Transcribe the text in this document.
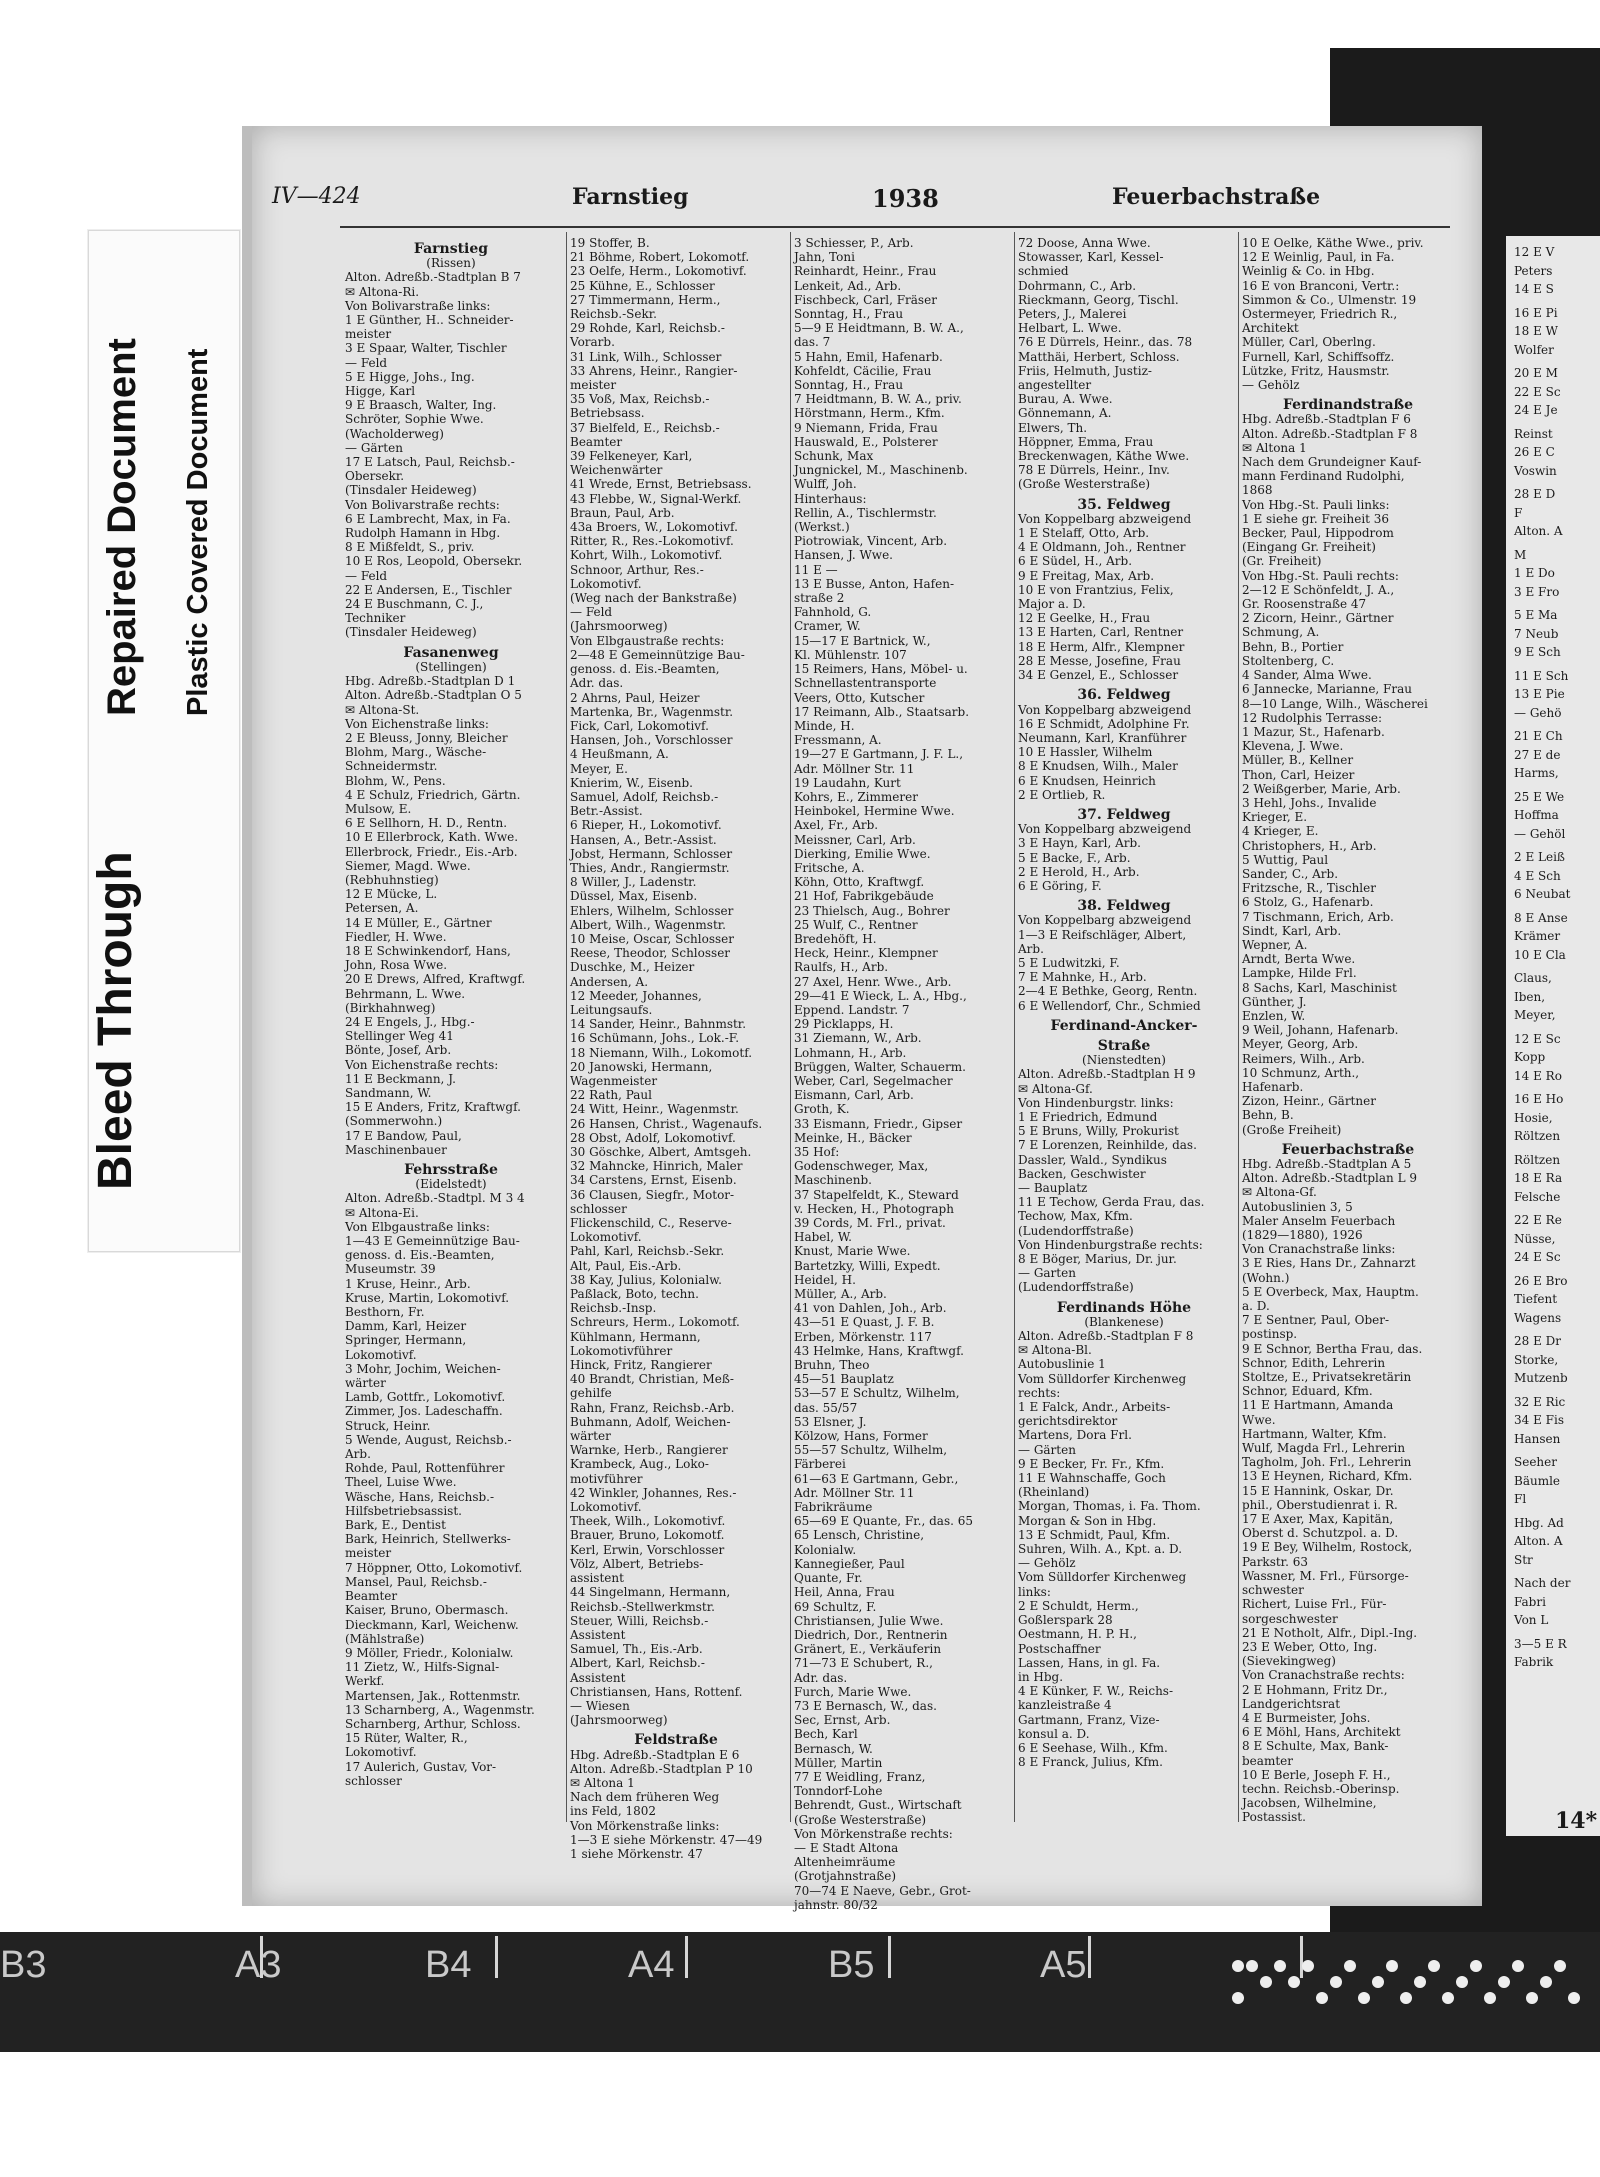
Bleed Through
Repaired Document Plastic Covered Document
IV—424	Farnstieg	1938	Feuerbachstraße
Farnstieg
(Rissen)
Alton. Adreßb.-Stadtplan B 7
✉ Altona-Ri.
Von Bolivarstraße links:
1 E Günther, H.. Schneider-
meister
3 E Spaar, Walter, Tischler
— Feld
5 E Higge, Johs., Ing.
Higge, Karl
9 E Braasch, Walter, Ing.
Schröter, Sophie Wwe.
(Wacholderweg)
— Gärten
17 E Latsch, Paul, Reichsb.-
Obersekr.
(Tinsdaler Heideweg)
Von Bolivarstraße rechts:
6 E Lambrecht, Max, in Fa.
Rudolph Hamann in Hbg.
8 E Mißfeldt, S., priv.
10 E Ros, Leopold, Obersekr.
— Feld
22 E Andersen, E., Tischler
24 E Buschmann, C. J.,
Techniker
(Tinsdaler Heideweg)
Fasanenweg
(Stellingen)
Hbg. Adreßb.-Stadtplan D 1
Alton. Adreßb.-Stadtplan O 5
✉ Altona-St.
Von Eichenstraße links:
2 E Bleuss, Jonny, Bleicher
Blohm, Marg., Wäsche-
Schneidermstr.
Blohm, W., Pens.
4 E Schulz, Friedrich, Gärtn.
Mulsow, E.
6 E Sellhorn, H. D., Rentn.
10 E Ellerbrock, Kath. Wwe.
Ellerbrock, Friedr., Eis.-Arb.
Siemer, Magd. Wwe.
(Rebhuhnstieg)
12 E Mücke, L.
Petersen, A.
14 E Müller, E., Gärtner
Fiedler, H. Wwe.
18 E Schwinkendorf, Hans,
John, Rosa Wwe.
20 E Drews, Alfred, Kraftwgf.
Behrmann, L. Wwe.
(Birkhahnweg)
24 E Engels, J., Hbg.-
Stellinger Weg 41
Bönte, Josef, Arb.
Von Eichenstraße rechts:
11 E Beckmann, J.
Sandmann, W.
15 E Anders, Fritz, Kraftwgf.
(Sommerwohn.)
17 E Bandow, Paul,
Maschinenbauer
Fehrsstraße
(Eidelstedt)
Alton. Adreßb.-Stadtpl. M 3 4
✉ Altona-Ei.
Von Elbgaustraße links:
1—43 E Gemeinnützige Bau-
genoss. d. Eis.-Beamten,
Museumstr. 39
1 Kruse, Heinr., Arb.
Kruse, Martin, Lokomotivf.
Besthorn, Fr.
Damm, Karl, Heizer
Springer, Hermann,
Lokomotivf.
3 Mohr, Jochim, Weichen-
wärter
Lamb, Gottfr., Lokomotivf.
Zimmer, Jos. Ladeschaffn.
Struck, Heinr.
5 Wende, August, Reichsb.-
Arb.
Rohde, Paul, Rottenführer
Theel, Luise Wwe.
Wäsche, Hans, Reichsb.-
Hilfsbetriebsassist.
Bark, E., Dentist
Bark, Heinrich, Stellwerks-
meister
7 Höppner, Otto, Lokomotivf.
Mansel, Paul, Reichsb.-
Beamter
Kaiser, Bruno, Obermasch.
Dieckmann, Karl, Weichenw.
(Mählstraße)
9 Möller, Friedr., Kolonialw.
11 Zietz, W., Hilfs-Signal-
Werkf.
Martensen, Jak., Rottenmstr.
13 Scharnberg, A., Wagenmstr.
Scharnberg, Arthur, Schloss.
15 Rüter, Walter, R.,
Lokomotivf.
17 Aulerich, Gustav, Vor-
schlosser
19 Stoffer, B.
21 Böhme, Robert, Lokomotf.
23 Oelfe, Herm., Lokomotivf.
25 Kühne, E., Schlosser
27 Timmermann, Herm.,
Reichsb.-Sekr.
29 Rohde, Karl, Reichsb.-
Vorarb.
31 Link, Wilh., Schlosser
33 Ahrens, Heinr., Rangier-
meister
35 Voß, Max, Reichsb.-
Betriebsass.
37 Bielfeld, E., Reichsb.-
Beamter
39 Felkeneyer, Karl,
Weichenwärter
41 Wrede, Ernst, Betriebsass.
43 Flebbe, W., Signal-Werkf.
Braun, Paul, Arb.
43a Broers, W., Lokomotivf.
Ritter, R., Res.-Lokomotivf.
Kohrt, Wilh., Lokomotivf.
Schnoor, Arthur, Res.-
Lokomotivf.
(Weg nach der Bankstraße)
— Feld
(Jahrsmoorweg)
Von Elbgaustraße rechts:
2—48 E Gemeinnützige Bau-
genoss. d. Eis.-Beamten,
Adr. das.
2 Ahrns, Paul, Heizer
Martenka, Br., Wagenmstr.
Fick, Carl, Lokomotivf.
Hansen, Joh., Vorschlosser
4 Heußmann, A.
Meyer, E.
Knierim, W., Eisenb.
Samuel, Adolf, Reichsb.-
Betr.-Assist.
6 Rieper, H., Lokomotivf.
Hansen, A., Betr.-Assist.
Jobst, Hermann, Schlosser
Thies, Andr., Rangiermstr.
8 Willer, J., Ladenstr.
Düssel, Max, Eisenb.
Ehlers, Wilhelm, Schlosser
Albert, Wilh., Wagenmstr.
10 Meise, Oscar, Schlosser
Reese, Theodor, Schlosser
Duschke, M., Heizer
Andersen, A.
12 Meeder, Johannes,
Leitungsaufs.
14 Sander, Heinr., Bahnmstr.
16 Schümann, Johs., Lok.-F.
18 Niemann, Wilh., Lokomotf.
20 Janowski, Hermann,
Wagenmeister
22 Rath, Paul
24 Witt, Heinr., Wagenmstr.
26 Hansen, Christ., Wagenaufs.
28 Obst, Adolf, Lokomotivf.
30 Göschke, Albert, Amtsgeh.
32 Mahncke, Hinrich, Maler
34 Carstens, Ernst, Eisenb.
36 Clausen, Siegfr., Motor-
schlosser
Flickenschild, C., Reserve-
Lokomotivf.
Pahl, Karl, Reichsb.-Sekr.
Alt, Paul, Eis.-Arb.
38 Kay, Julius, Kolonialw.
Paßlack, Boto, techn.
Reichsb.-Insp.
Schreurs, Herm., Lokomotf.
Kühlmann, Hermann,
Lokomotivführer
Hinck, Fritz, Rangierer
40 Brandt, Christian, Meß-
gehilfe
Rahn, Franz, Reichsb.-Arb.
Buhmann, Adolf, Weichen-
wärter
Warnke, Herb., Rangierer
Krambeck, Aug., Loko-
motivführer
42 Winkler, Johannes, Res.-
Lokomotivf.
Theek, Wilh., Lokomotivf.
Brauer, Bruno, Lokomotf.
Kerl, Erwin, Vorschlosser
Völz, Albert, Betriebs-
assistent
44 Singelmann, Hermann,
Reichsb.-Stellwerkmstr.
Steuer, Willi, Reichsb.-
Assistent
Samuel, Th., Eis.-Arb.
Albert, Karl, Reichsb.-
Assistent
Christiansen, Hans, Rottenf.
— Wiesen
(Jahrsmoorweg)
Feldstraße
Hbg. Adreßb.-Stadtplan E 6
Alton. Adreßb.-Stadtplan P 10
✉ Altona 1
Nach dem früheren Weg
ins Feld, 1802
Von Mörkenstraße links:
1—3 E siehe Mörkenstr. 47—49
1 siehe Mörkenstr. 47
3 Schiesser, P., Arb.
Jahn, Toni
Reinhardt, Heinr., Frau
Lenkeit, Ad., Arb.
Fischbeck, Carl, Fräser
Sonntag, H., Frau
5—9 E Heidtmann, B. W. A.,
das. 7
5 Hahn, Emil, Hafenarb.
Kohfeldt, Cäcilie, Frau
Sonntag, H., Frau
7 Heidtmann, B. W. A., priv.
Hörstmann, Herm., Kfm.
9 Niemann, Frida, Frau
Hauswald, E., Polsterer
Schunk, Max
Jungnickel, M., Maschinenb.
Wulff, Joh.
Hinterhaus:
Rellin, A., Tischlermstr.
(Werkst.)
Piotrowiak, Vincent, Arb.
Hansen, J. Wwe.
11 E —
13 E Busse, Anton, Hafen-
straße 2
Fahnhold, G.
Cramer, W.
15—17 E Bartnick, W.,
Kl. Mühlenstr. 107
15 Reimers, Hans, Möbel- u.
Schnellastentransporte
Veers, Otto, Kutscher
17 Reimann, Alb., Staatsarb.
Minde, H.
Fressmann, A.
19—27 E Gartmann, J. F. L.,
Adr. Möllner Str. 11
19 Laudahn, Kurt
Kohrs, E., Zimmerer
Heinbokel, Hermine Wwe.
Axel, Fr., Arb.
Meissner, Carl, Arb.
Dierking, Emilie Wwe.
Fritsche, A.
Köhn, Otto, Kraftwgf.
21 Hof, Fabrikgebäude
23 Thielsch, Aug., Bohrer
25 Wulf, C., Rentner
Bredehöft, H.
Heck, Heinr., Klempner
Raulfs, H., Arb.
27 Axel, Henr. Wwe., Arb.
29—41 E Wieck, L. A., Hbg.,
Eppend. Landstr. 7
29 Picklapps, H.
31 Ziemann, W., Arb.
Lohmann, H., Arb.
Brüggen, Walter, Schauerm.
Weber, Carl, Segelmacher
Eismann, Carl, Arb.
Groth, K.
33 Eismann, Friedr., Gipser
Meinke, H., Bäcker
35 Hof:
Godenschweger, Max,
Maschinenb.
37 Stapelfeldt, K., Steward
v. Hecken, H., Photograph
39 Cords, M. Frl., privat.
Habel, W.
Knust, Marie Wwe.
Bartetzky, Willi, Expedt.
Heidel, H.
Müller, A., Arb.
41 von Dahlen, Joh., Arb.
43—51 E Quast, J. F. B.
Erben, Mörkenstr. 117
43 Helmke, Hans, Kraftwgf.
Bruhn, Theo
45—51 Bauplatz
53—57 E Schultz, Wilhelm,
das. 55/57
53 Elsner, J.
Kölzow, Hans, Former
55—57 Schultz, Wilhelm,
Färberei
61—63 E Gartmann, Gebr.,
Adr. Möllner Str. 11
Fabrikräume
65—69 E Quante, Fr., das. 65
65 Lensch, Christine,
Kolonialw.
Kannegießer, Paul
Quante, Fr.
Heil, Anna, Frau
69 Schultz, F.
Christiansen, Julie Wwe.
Diedrich, Dor., Rentnerin
Gränert, E., Verkäuferin
71—73 E Schubert, R.,
Adr. das.
Furch, Marie Wwe.
73 E Bernasch, W., das.
Sec, Ernst, Arb.
Bech, Karl
Bernasch, W.
Müller, Martin
77 E Weidling, Franz,
Tonndorf-Lohe
Behrendt, Gust., Wirtschaft
(Große Westerstraße)
Von Mörkenstraße rechts:
— E Stadt Altona
Altenheimräume
(Grotjahnstraße)
70—74 E Naeve, Gebr., Grot-
jahnstr. 80/32
72 Doose, Anna Wwe.
Stowasser, Karl, Kessel-
schmied
Dohrmann, C., Arb.
Rieckmann, Georg, Tischl.
Peters, J., Malerei
Helbart, L. Wwe.
76 E Dürrels, Heinr., das. 78
Matthäi, Herbert, Schloss.
Friis, Helmuth, Justiz-
angestellter
Burau, A. Wwe.
Gönnemann, A.
Elwers, Th.
Höppner, Emma, Frau
Breckenwagen, Käthe Wwe.
78 E Dürrels, Heinr., Inv.
(Große Westerstraße)
35. Feldweg
Von Koppelbarg abzweigend
1 E Stelaff, Otto, Arb.
4 E Oldmann, Joh., Rentner
6 E Südel, H., Arb.
9 E Freitag, Max, Arb.
10 E von Frantzius, Felix,
Major a. D.
12 E Geelke, H., Frau
13 E Harten, Carl, Rentner
18 E Herm, Alfr., Klempner
28 E Messe, Josefine, Frau
34 E Genzel, E., Schlosser
36. Feldweg
Von Koppelbarg abzweigend
16 E Schmidt, Adolphine Fr.
Neumann, Karl, Kranführer
10 E Hassler, Wilhelm
8 E Knudsen, Wilh., Maler
6 E Knudsen, Heinrich
2 E Ortlieb, R.
37. Feldweg
Von Koppelbarg abzweigend
3 E Hayn, Karl, Arb.
5 E Backe, F., Arb.
2 E Herold, H., Arb.
6 E Göring, F.
38. Feldweg
Von Koppelbarg abzweigend
1—3 E Reifschläger, Albert,
Arb.
5 E Ludwitzki, F.
7 E Mahnke, H., Arb.
2—4 E Bethke, Georg, Rentn.
6 E Wellendorf, Chr., Schmied
Ferdinand-Ancker-
Straße
(Nienstedten)
Alton. Adreßb.-Stadtplan H 9
✉ Altona-Gf.
Von Hindenburgstr. links:
1 E Friedrich, Edmund
5 E Bruns, Willy, Prokurist
7 E Lorenzen, Reinhilde, das.
Dassler, Wald., Syndikus
Backen, Geschwister
— Bauplatz
11 E Techow, Gerda Frau, das.
Techow, Max, Kfm.
(Ludendorffstraße)
Von Hindenburgstraße rechts:
8 E Böger, Marius, Dr. jur.
— Garten
(Ludendorffstraße)
Ferdinands Höhe
(Blankenese)
Alton. Adreßb.-Stadtplan F 8
✉ Altona-Bl.
Autobuslinie 1
Vom Sülldorfer Kirchenweg
rechts:
1 E Falck, Andr., Arbeits-
gerichtsdirektor
Martens, Dora Frl.
— Gärten
9 E Becker, Fr. Fr., Kfm.
11 E Wahnschaffe, Goch
(Rheinland)
Morgan, Thomas, i. Fa. Thom.
Morgan & Son in Hbg.
13 E Schmidt, Paul, Kfm.
Suhren, Wilh. A., Kpt. a. D.
— Gehölz
Vom Sülldorfer Kirchenweg
links:
2 E Schuldt, Herm.,
Goßlerspark 28
Oestmann, H. P. H.,
Postschaffner
Lassen, Hans, in gl. Fa.
in Hbg.
4 E Künker, F. W., Reichs-
kanzleistraße 4
Gartmann, Franz, Vize-
konsul a. D.
6 E Seehase, Wilh., Kfm.
8 E Franck, Julius, Kfm.
10 E Oelke, Käthe Wwe., priv.
12 E Weinlig, Paul, in Fa.
Weinlig & Co. in Hbg.
16 E von Branconi, Vertr.:
Simmon & Co., Ulmenstr. 19
Ostermeyer, Friedrich R.,
Architekt
Müller, Carl, Oberlng.
Furnell, Karl, Schiffsoffz.
Lützke, Fritz, Hausmstr.
— Gehölz
Ferdinandstraße
Hbg. Adreßb.-Stadtplan F 6
Alton. Adreßb.-Stadtplan F 8
✉ Altona 1
Nach dem Grundeigner Kauf-
mann Ferdinand Rudolphi,
1868
Von Hbg.-St. Pauli links:
1 E siehe gr. Freiheit 36
Becker, Paul, Hippodrom
(Eingang Gr. Freiheit)
(Gr. Freiheit)
Von Hbg.-St. Pauli rechts:
2—12 E Schönfeldt, J. A.,
Gr. Roosenstraße 47
2 Zicorn, Heinr., Gärtner
Schmung, A.
Behn, B., Portier
Stoltenberg, C.
4 Sander, Alma Wwe.
6 Jannecke, Marianne, Frau
8—10 Lange, Wilh., Wäscherei
12 Rudolphis Terrasse:
1 Mazur, St., Hafenarb.
Klevena, J. Wwe.
Müller, B., Kellner
Thon, Carl, Heizer
2 Weißgerber, Marie, Arb.
3 Hehl, Johs., Invalide
Krieger, E.
4 Krieger, E.
Christophers, H., Arb.
5 Wuttig, Paul
Sander, C., Arb.
Fritzsche, R., Tischler
6 Stolz, G., Hafenarb.
7 Tischmann, Erich, Arb.
Sindt, Karl, Arb.
Wepner, A.
Arndt, Berta Wwe.
Lampke, Hilde Frl.
8 Sachs, Karl, Maschinist
Günther, J.
Enzlen, W.
9 Weil, Johann, Hafenarb.
Meyer, Georg, Arb.
Reimers, Wilh., Arb.
10 Schmunz, Arth.,
Hafenarb.
Zizon, Heinr., Gärtner
Behn, B.
(Große Freiheit)
Feuerbachstraße
Hbg. Adreßb.-Stadtplan A 5
Alton. Adreßb.-Stadtplan L 9
✉ Altona-Gf.
Autobuslinien 3, 5
Maler Anselm Feuerbach
(1829—1880), 1926
Von Cranachstraße links:
3 E Ries, Hans Dr., Zahnarzt
(Wohn.)
5 E Overbeck, Max, Hauptm.
a. D.
7 E Sentner, Paul, Ober-
postinsp.
9 E Schnor, Bertha Frau, das.
Schnor, Edith, Lehrerin
Stoltze, E., Privatsekretärin
Schnor, Eduard, Kfm.
11 E Hartmann, Amanda
Wwe.
Hartmann, Walter, Kfm.
Wulf, Magda Frl., Lehrerin
Tagholm, Joh. Frl., Lehrerin
13 E Heynen, Richard, Kfm.
15 E Hannink, Oskar, Dr.
phil., Oberstudienrat i. R.
17 E Axer, Max, Kapitän,
Oberst d. Schutzpol. a. D.
19 E Bey, Wilhelm, Rostock,
Parkstr. 63
Wassner, M. Frl., Fürsorge-
schwester
Richert, Luise Frl., Für-
sorgeschwester
21 E Notholt, Alfr., Dipl.-Ing.
23 E Weber, Otto, Ing.
(Sievekingweg)
Von Cranachstraße rechts:
2 E Hohmann, Fritz Dr.,
Landgerichtsrat
4 E Burmeister, Johs.
6 E Möhl, Hans, Architekt
8 E Schulte, Max, Bank-
beamter
10 E Berle, Joseph F. H.,
techn. Reichsb.-Oberinsp.
Jacobsen, Wilhelmine,
Postassist.
12 E V
Peters
14 E S
16 E Pi
18 E W
Wolfer
20 E M
22 E Sc
24 E Je
Reinst
26 E C
Voswin
28 E D
F
Alton. A
M
1 E Do
3 E Fro
5 E Ma
7 Neub
9 E Sch
11 E Sch
13 E Pie
— Gehö
21 E Ch
27 E de
Harms,
25 E We
Hoffma
— Gehöl
2 E Leiß
4 E Sch
6 Neubat
8 E Anse
Krämer
10 E Cla
Claus,
Iben,
Meyer,
12 E Sc
Kopp
14 E Ro
16 E Ho
Hosie,
Röltzen
Röltzen
18 E Ra
Felsche
22 E Re
Nüsse,
24 E Sc
26 E Bro
Tiefent
Wagens
28 E Dr
Storke,
Mutzenb
32 E Ric
34 E Fis
Hansen
Seeher
Bäumle
Fl
Hbg. Ad
Alton. A
Str
Nach der
Fabri
Von L
3—5 E R
Fabrik
14*
B3	A3	B4	A4	B5	A5
